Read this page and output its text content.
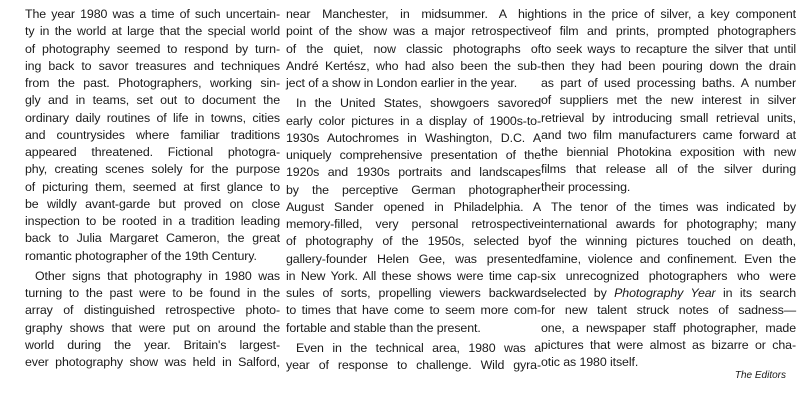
The year 1980 was a time of such uncertain-
ty in the world at large that the special world
of photography seemed to respond by turn-
ing back to savor treasures and techniques
from the past. Photographers, working sin-
gly and in teams, set out to document the
ordinary daily routines of life in towns, cities
and countrysides where familiar traditions
appeared threatened. Fictional photogra-
phy, creating scenes solely for the purpose
of picturing them, seemed at first glance to
be wildly avant-garde but proved on close
inspection to be rooted in a tradition leading
back to Julia Margaret Cameron, the great
romantic photographer of the 19th Century.
Other signs that photography in 1980 was
turning to the past were to be found in the
array of distinguished retrospective photo-
graphy shows that were put on around the
world during the year. Britain's largest-
ever photography show was held in Salford,
near Manchester, in midsummer. A high
point of the show was a major retrospective
of the quiet, now classic photographs of
André Kertész, who had also been the sub-
ject of a show in London earlier in the year.
In the United States, showgoers savored
early color pictures in a display of 1900s-to-
1930s Autochromes in Washington, D.C. A
uniquely comprehensive presentation of the
1920s and 1930s portraits and landscapes
by the perceptive German photographer
August Sander opened in Philadelphia. A
memory-filled, very personal retrospective
of photography of the 1950s, selected by
gallery-founder Helen Gee, was presented
in New York. All these shows were time cap-
sules of sorts, propelling viewers backward
to times that have come to seem more com-
fortable and stable than the present.
Even in the technical area, 1980 was a
year of response to challenge. Wild gyra-
tions in the price of silver, a key component
of film and prints, prompted photographers
to seek ways to recapture the silver that until
then they had been pouring down the drain
as part of used processing baths. A number
of suppliers met the new interest in silver
retrieval by introducing small retrieval units,
and two film manufacturers came forward at
the biennial Photokina exposition with new
films that release all of the silver during
their processing.
The tenor of the times was indicated by
international awards for photography; many
of the winning pictures touched on death,
famine, violence and confinement. Even the
six unrecognized photographers who were
selected by Photography Year in its search
for new talent struck notes of sadness—
one, a newspaper staff photographer, made
pictures that were almost as bizarre or cha-
otic as 1980 itself.
The Editors
